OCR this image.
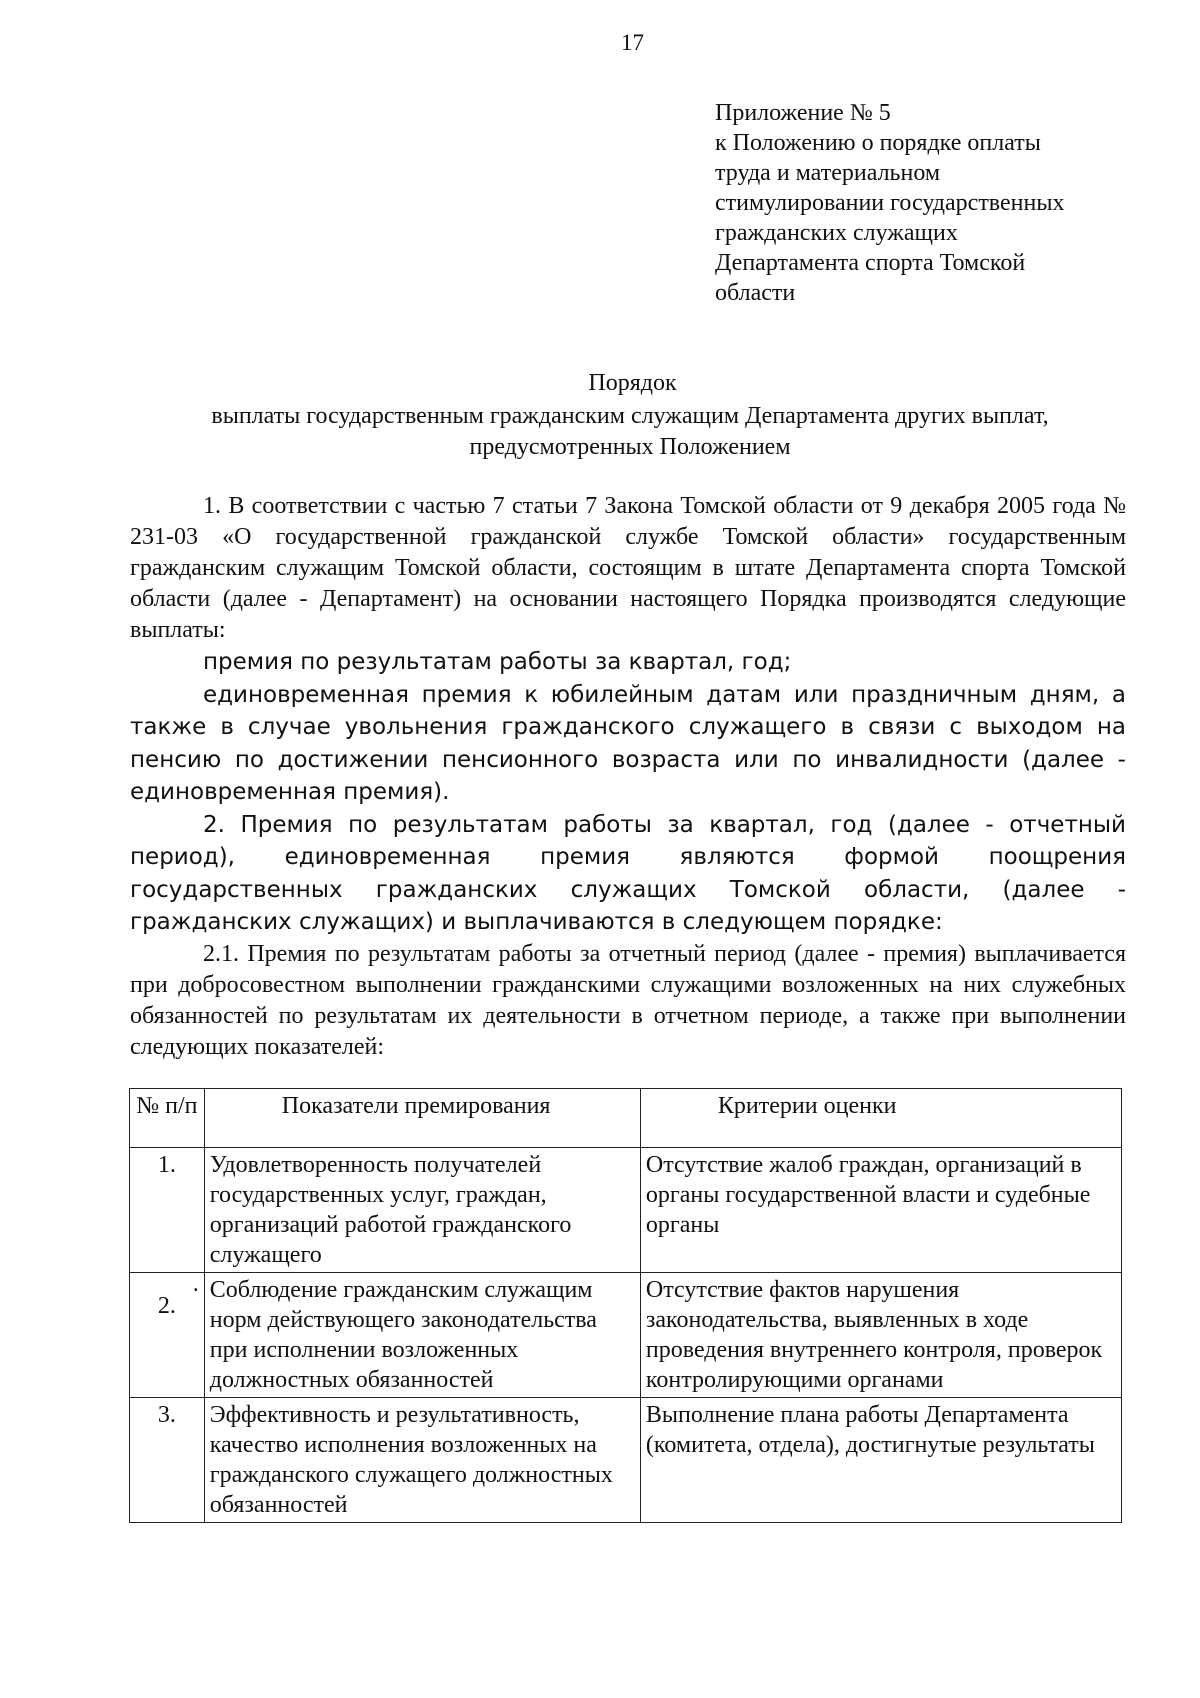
17
Приложение № 5
к Положению о порядке оплаты
труда и материальном
стимулировании государственных
гражданских служащих
Департамента спорта Томской
области
Порядок
выплаты государственным гражданским служащим Департамента других выплат,
предусмотренных Положением

1. В соответствии с частью 7 статьи 7 Закона Томской области от 9 декабря 2005 года № 231-03 «О государственной гражданской службе Томской области» государственным гражданским служащим Томской области, состоящим в штате Департамента спорта Томской области (далее - Департамент) на основании настоящего Порядка производятся следующие выплаты:

премия по результатам работы за квартал, год;

единовременная премия к юбилейным датам или праздничным дням, а также в случае увольнения гражданского служащего в связи с выходом на пенсию по достижении пенсионного возраста или по инвалидности (далее - единовременная премия).

2. Премия по результатам работы за квартал, год (далее - отчетный период), единовременная премия являются формой поощрения государственных гражданских служащих Томской области, (далее - гражданских служащих) и выплачиваются в следующем порядке:

2.1. Премия по результатам работы за отчетный период (далее - премия) выплачивается при добросовестном выполнении гражданскими служащими возложенных на них служебных обязанностей по результатам их деятельности в отчетном периоде, а также при выполнении следующих показателей:

№ п/п	Показатели премирования	Критерии оценки
1.	Удовлетворенность получателей государственных услуг, граждан, организаций работой гражданского служащего	Отсутствие жалоб граждан, организаций в органы государственной власти и судебные органы

.
2.	Соблюдение гражданским служащим норм действующего законодательства при исполнении возложенных должностных обязанностей	Отсутствие фактов нарушения законодательства, выявленных в ходе проведения внутреннего контроля, проверок контролирующими органами
3.	Эффективность и результативность, качество исполнения возложенных на гражданского служащего должностных обязанностей	Выполнение плана работы Департамента (комитета, отдела), достигнутые результаты
